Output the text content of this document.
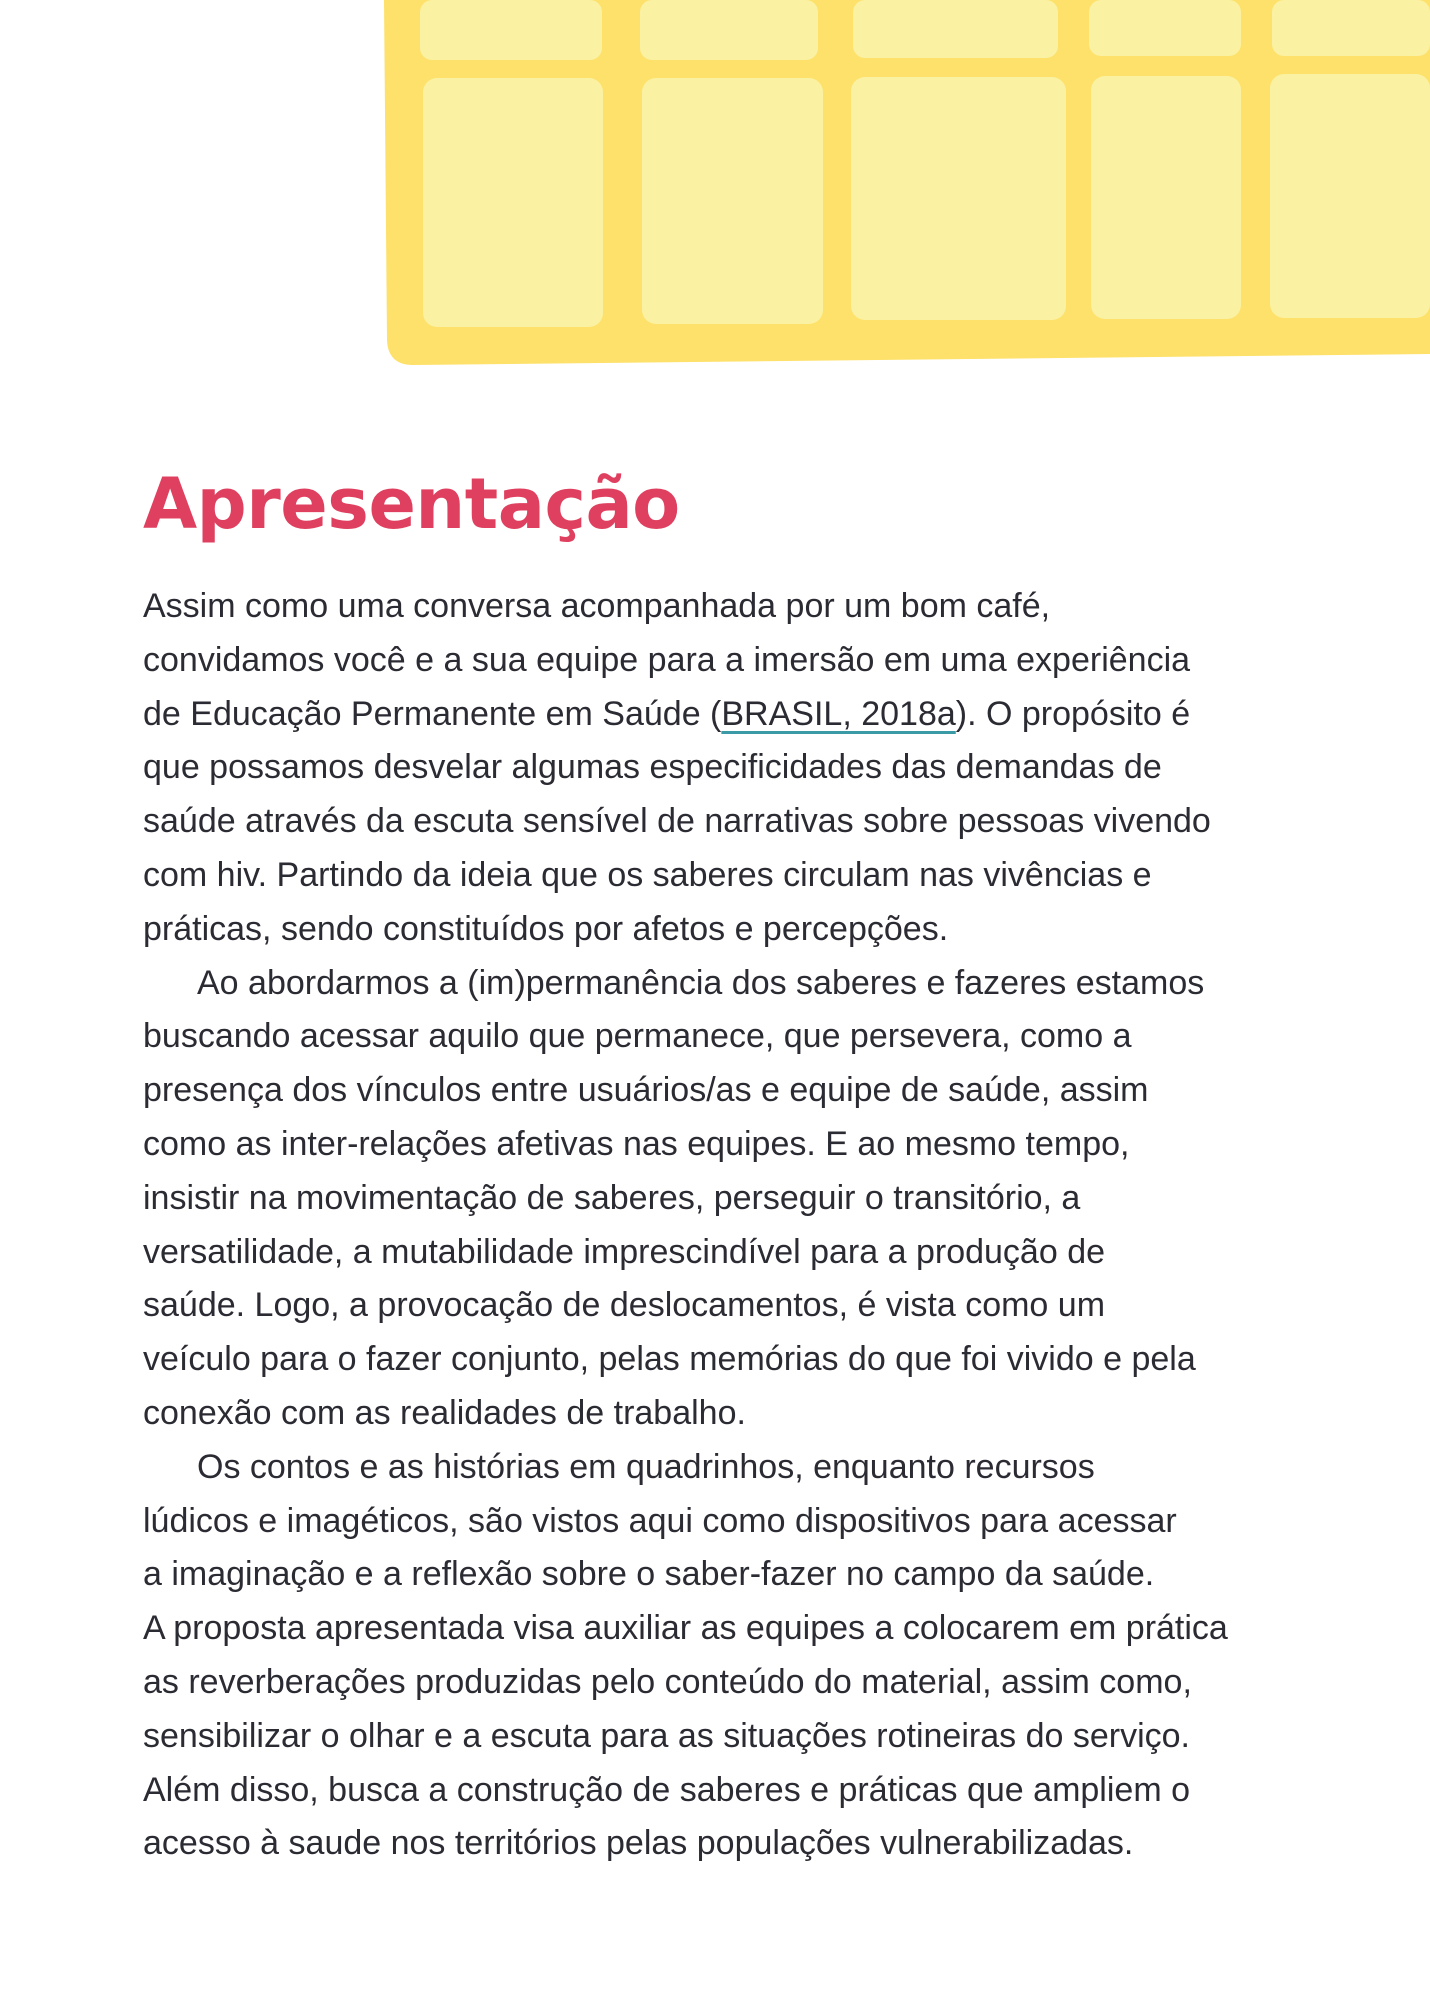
Apresentação

Assim como uma conversa acompanhada por um bom café,
convidamos você e a sua equipe para a imersão em uma experiência
de Educação Permanente em Saúde (BRASIL, 2018a). O propósito é
que possamos desvelar algumas especificidades das demandas de
saúde através da escuta sensível de narrativas sobre pessoas vivendo
com hiv. Partindo da ideia que os saberes circulam nas vivências e
práticas, sendo constituídos por afetos e percepções.

Ao abordarmos a (im)permanência dos saberes e fazeres estamos
buscando acessar aquilo que permanece, que persevera, como a
presença dos vínculos entre usuários/as e equipe de saúde, assim
como as inter-relações afetivas nas equipes. E ao mesmo tempo,
insistir na movimentação de saberes, perseguir o transitório, a
versatilidade, a mutabilidade imprescindível para a produção de
saúde. Logo, a provocação de deslocamentos, é vista como um
veículo para o fazer conjunto, pelas memórias do que foi vivido e pela
conexão com as realidades de trabalho.

Os contos e as histórias em quadrinhos, enquanto recursos
lúdicos e imagéticos, são vistos aqui como dispositivos para acessar
a imaginação e a reflexão sobre o saber-fazer no campo da saúde.
A proposta apresentada visa auxiliar as equipes a colocarem em prática
as reverberações produzidas pelo conteúdo do material, assim como,
sensibilizar o olhar e a escuta para as situações rotineiras do serviço.
Além disso, busca a construção de saberes e práticas que ampliem o
acesso à saude nos territórios pelas populações vulnerabilizadas.
